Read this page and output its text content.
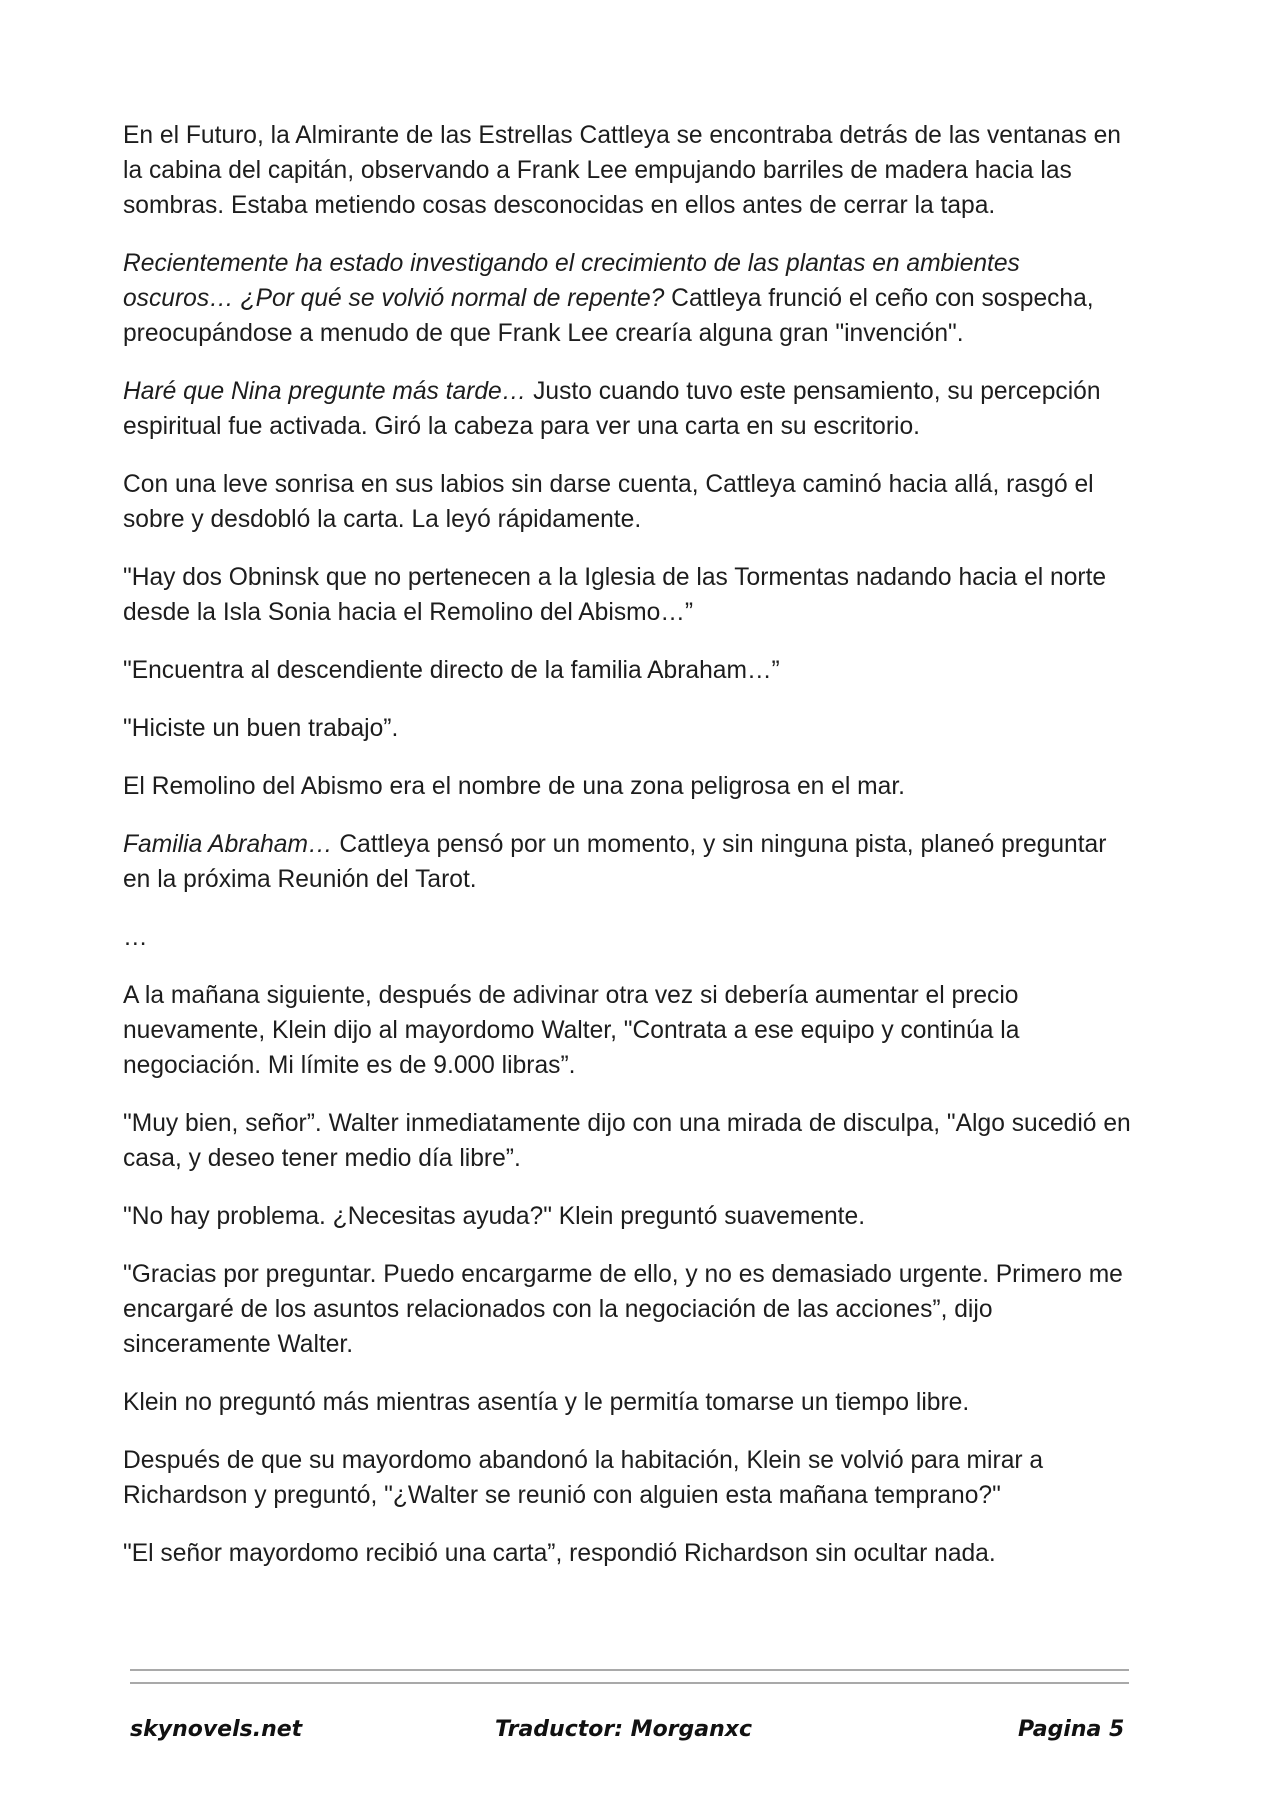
En el Futuro, la Almirante de las Estrellas Cattleya se encontraba detrás de las ventanas en la cabina del capitán, observando a Frank Lee empujando barriles de madera hacia las sombras. Estaba metiendo cosas desconocidas en ellos antes de cerrar la tapa.

Recientemente ha estado investigando el crecimiento de las plantas en ambientes oscuros… ¿Por qué se volvió normal de repente? Cattleya frunció el ceño con sospecha, preocupándose a menudo de que Frank Lee crearía alguna gran "invención".

Haré que Nina pregunte más tarde… Justo cuando tuvo este pensamiento, su percepción espiritual fue activada. Giró la cabeza para ver una carta en su escritorio.

Con una leve sonrisa en sus labios sin darse cuenta, Cattleya caminó hacia allá, rasgó el sobre y desdobló la carta. La leyó rápidamente.

"Hay dos Obninsk que no pertenecen a la Iglesia de las Tormentas nadando hacia el norte desde la Isla Sonia hacia el Remolino del Abismo…”

"Encuentra al descendiente directo de la familia Abraham…”

"Hiciste un buen trabajo”.

El Remolino del Abismo era el nombre de una zona peligrosa en el mar.

Familia Abraham… Cattleya pensó por un momento, y sin ninguna pista, planeó preguntar en la próxima Reunión del Tarot.

…

A la mañana siguiente, después de adivinar otra vez si debería aumentar el precio nuevamente, Klein dijo al mayordomo Walter, "Contrata a ese equipo y continúa la negociación. Mi límite es de 9.000 libras”.

"Muy bien, señor”. Walter inmediatamente dijo con una mirada de disculpa, "Algo sucedió en casa, y deseo tener medio día libre”.

"No hay problema. ¿Necesitas ayuda?" Klein preguntó suavemente.

"Gracias por preguntar. Puedo encargarme de ello, y no es demasiado urgente. Primero me encargaré de los asuntos relacionados con la negociación de las acciones”, dijo sinceramente Walter.

Klein no preguntó más mientras asentía y le permitía tomarse un tiempo libre.

Después de que su mayordomo abandonó la habitación, Klein se volvió para mirar a Richardson y preguntó, "¿Walter se reunió con alguien esta mañana temprano?"

"El señor mayordomo recibió una carta”, respondió Richardson sin ocultar nada.

skynovels.net	Traductor: Morganxc	Pagina 5
